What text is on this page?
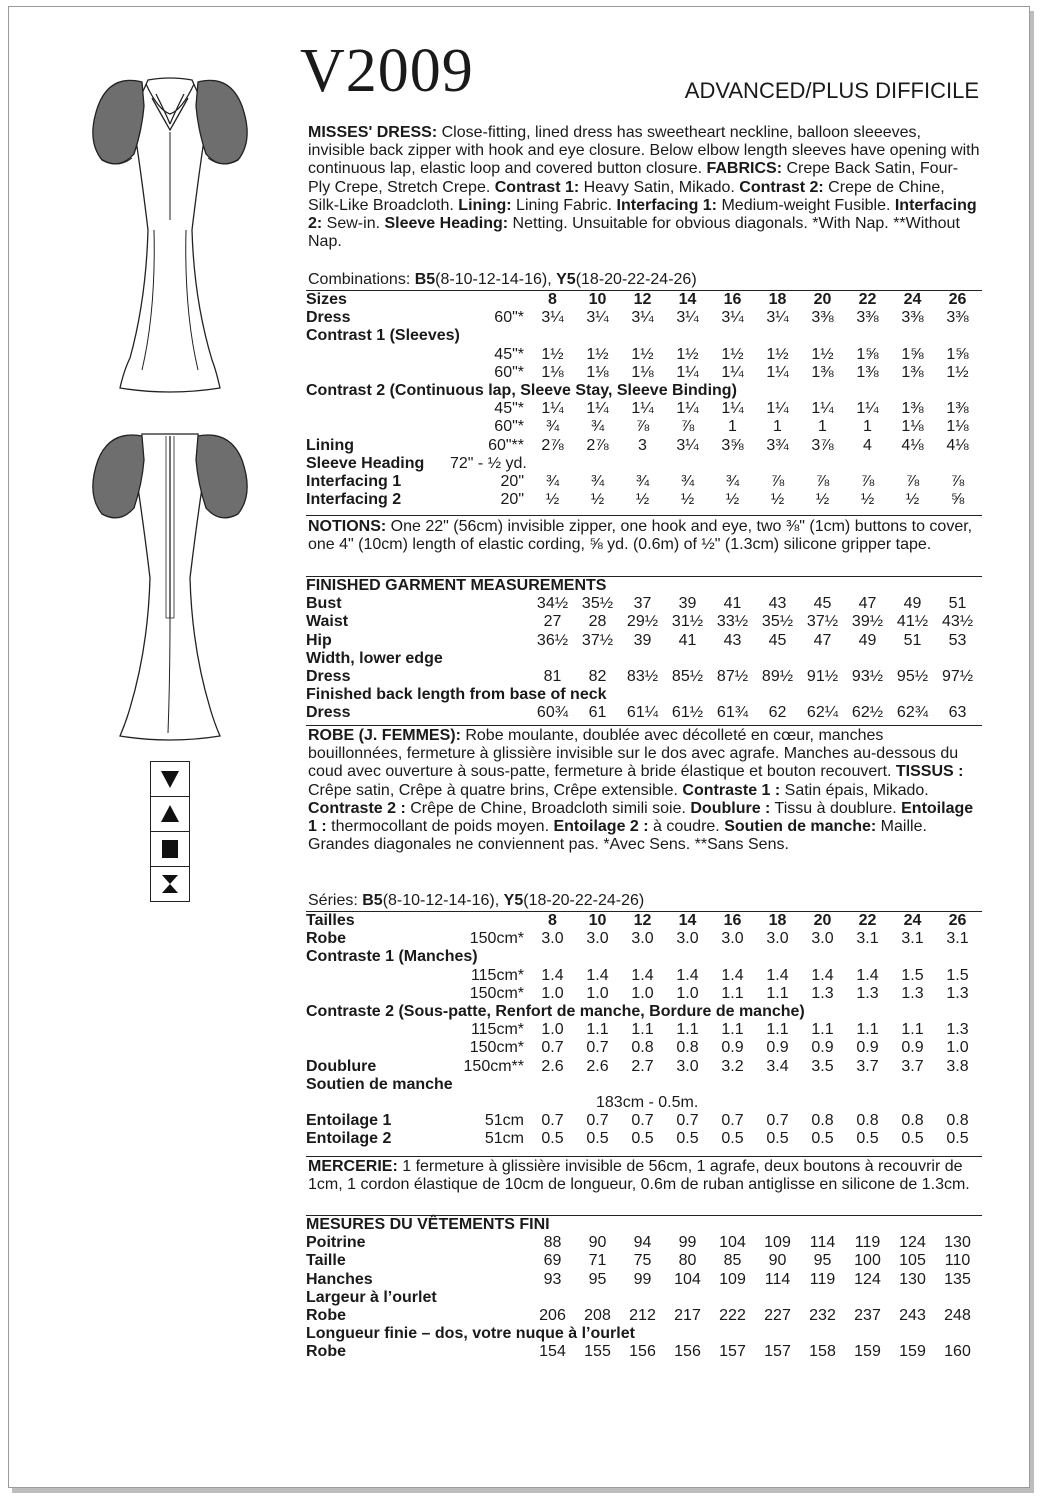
V2009	ADVANCED/PLUS DIFFICILE
MISSES' DRESS: Close-fitting, lined dress has sweetheart neckline, balloon sleeeves, invisible back zipper with hook and eye closure. Below elbow length sleeves have opening with continuous lap, elastic loop and covered button closure. FABRICS: Crepe Back Satin, Four-Ply Crepe, Stretch Crepe. Contrast 1: Heavy Satin, Mikado. Contrast 2: Crepe de Chine, Silk-Like Broadcloth. Lining: Lining Fabric. Interfacing 1: Medium-weight Fusible. Interfacing 2: Sew-in. Sleeve Heading: Netting. Unsuitable for obvious diagonals. *With Nap. **Without Nap.
Combinations: B5(8-10-12-14-16), Y5(18-20-22-24-26)
Sizes		8	10	12	14	16	18	20	22	24	26
Dress	60"*	3¼	3¼	3¼	3¼	3¼	3¼	3⅜	3⅜	3⅜	3⅜
Contrast 1 (Sleeves)											
	45"*	1½	1½	1½	1½	1½	1½	1½	1⅝	1⅝	1⅝
	60"*	1⅛	1⅛	1⅛	1¼	1¼	1¼	1⅜	1⅜	1⅜	1½
Contrast 2 (Continuous lap, Sleeve Stay, Sleeve Binding)											
	45"*	1¼	1¼	1¼	1¼	1¼	1¼	1¼	1¼	1⅜	1⅜
	60"*	¾	¾	⅞	⅞	1	1	1	1	1⅛	1⅛
Lining	60"**	2⅞	2⅞	3	3¼	3⅝	3¾	3⅞	4	4⅛	4⅛
Sleeve Heading	72" - ½ yd.										
Interfacing 1	20"	¾	¾	¾	¾	¾	⅞	⅞	⅞	⅞	⅞
Interfacing 2	20"	½	½	½	½	½	½	½	½	½	⅝
NOTIONS: One 22" (56cm) invisible zipper, one hook and eye, two ⅜" (1cm) buttons to cover, one 4" (10cm) length of elastic cording, ⅝ yd. (0.6m) of ½" (1.3cm) silicone gripper tape.
FINISHED GARMENT MEASUREMENTS											
Bust		34½	35½	37	39	41	43	45	47	49	51
Waist		27	28	29½	31½	33½	35½	37½	39½	41½	43½
Hip		36½	37½	39	41	43	45	47	49	51	53
Width, lower edge											
Dress		81	82	83½	85½	87½	89½	91½	93½	95½	97½
Finished back length from base of neck											
Dress		60¾	61	61¼	61½	61¾	62	62¼	62½	62¾	63
ROBE (J. FEMMES): Robe moulante, doublée avec décolleté en cœur, manches bouillonnées, fermeture à glissière invisible sur le dos avec agrafe. Manches au-dessous du coud avec ouverture à sous-patte, fermeture à bride élastique et bouton recouvert. TISSUS : Crêpe satin, Crêpe à quatre brins, Crêpe extensible. Contraste 1 : Satin épais, Mikado. Contraste 2 : Crêpe de Chine, Broadcloth simili soie. Doublure : Tissu à doublure. Entoilage 1 : thermocollant de poids moyen. Entoilage 2 : à coudre. Soutien de manche: Maille. Grandes diagonales ne conviennent pas. *Avec Sens. **Sans Sens.
Séries: B5(8-10-12-14-16), Y5(18-20-22-24-26)
Tailles		8	10	12	14	16	18	20	22	24	26
Robe	150cm*	3.0	3.0	3.0	3.0	3.0	3.0	3.0	3.1	3.1	3.1
Contraste 1 (Manches)											
	115cm*	1.4	1.4	1.4	1.4	1.4	1.4	1.4	1.4	1.5	1.5
	150cm*	1.0	1.0	1.0	1.0	1.1	1.1	1.3	1.3	1.3	1.3
Contraste 2 (Sous-patte, Renfort de manche, Bordure de manche)											
	115cm*	1.0	1.1	1.1	1.1	1.1	1.1	1.1	1.1	1.1	1.3
	150cm*	0.7	0.7	0.8	0.8	0.9	0.9	0.9	0.9	0.9	1.0
Doublure	150cm**	2.6	2.6	2.7	3.0	3.2	3.4	3.5	3.7	3.7	3.8
Soutien de manche											
	183cm - 0.5m.										
Entoilage 1	51cm	0.7	0.7	0.7	0.7	0.7	0.7	0.8	0.8	0.8	0.8
Entoilage 2	51cm	0.5	0.5	0.5	0.5	0.5	0.5	0.5	0.5	0.5	0.5
MERCERIE: 1 fermeture à glissière invisible de 56cm, 1 agrafe, deux boutons à recouvrir de 1cm, 1 cordon élastique de 10cm de longueur, 0.6m de ruban antiglisse en silicone de 1.3cm.
MESURES DU VÊTEMENTS FINI											
Poitrine		88	90	94	99	104	109	114	119	124	130
Taille		69	71	75	80	85	90	95	100	105	110
Hanches		93	95	99	104	109	114	119	124	130	135
Largeur à l’ourlet											
Robe		206	208	212	217	222	227	232	237	243	248
Longueur finie – dos, votre nuque à l’ourlet											
Robe		154	155	156	156	157	157	158	159	159	160
